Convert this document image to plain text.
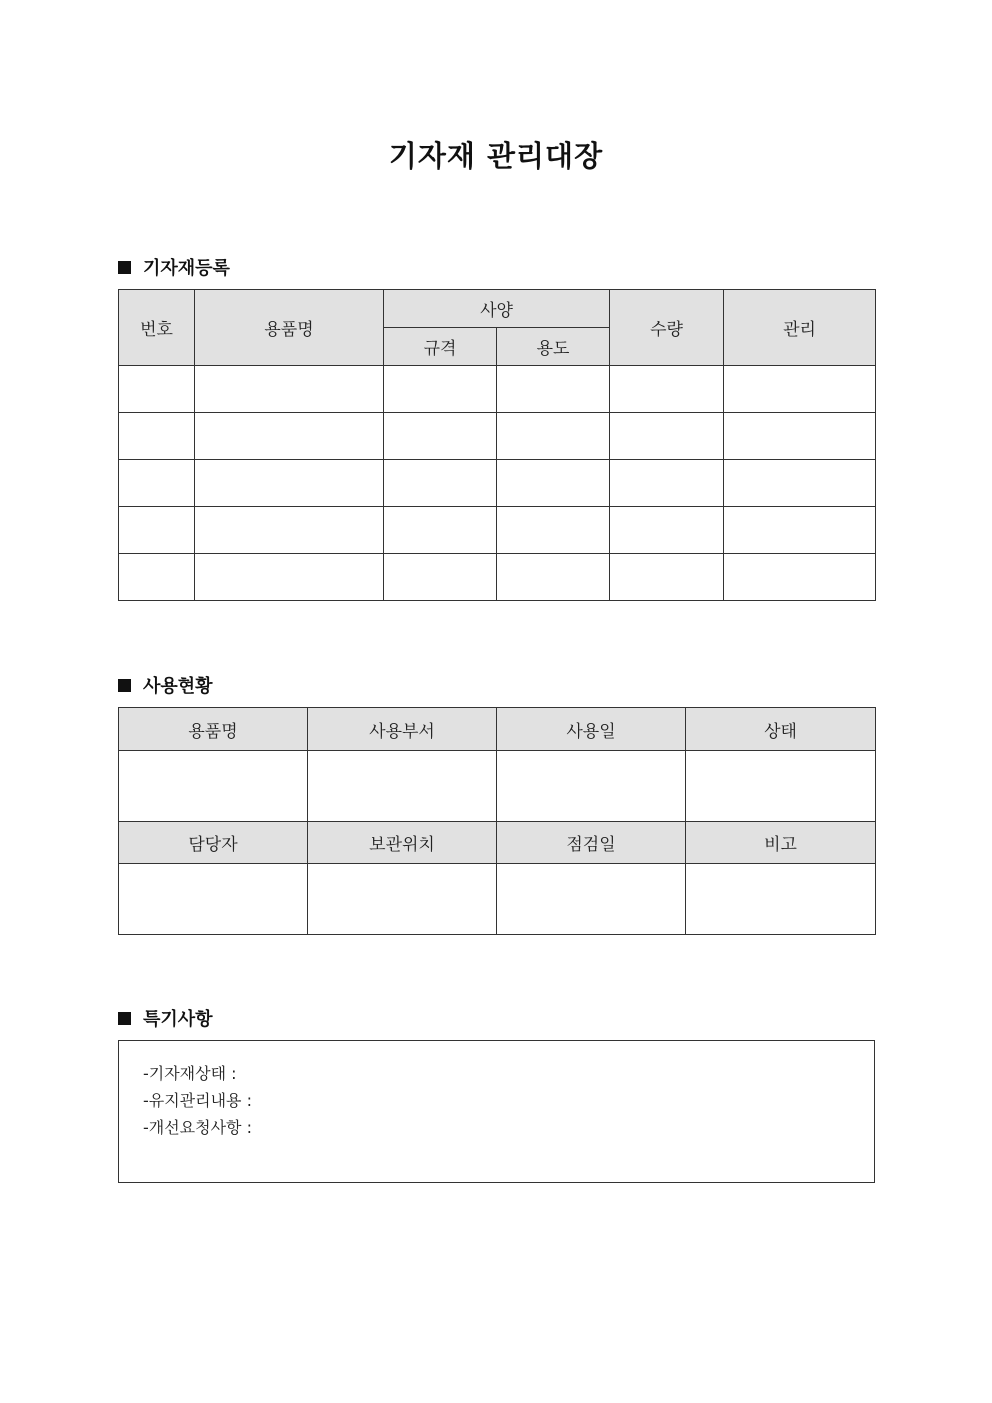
기자재 관리대장
기자재등록
번호	용품명	사양		수량	관리
		규격	용도		

사용현황
용품명	사용부서	사용일	상태

담당자	보관위치	점검일	비고

특기사항
-기자재상태 :
-유지관리내용 :
-개선요청사항 :
